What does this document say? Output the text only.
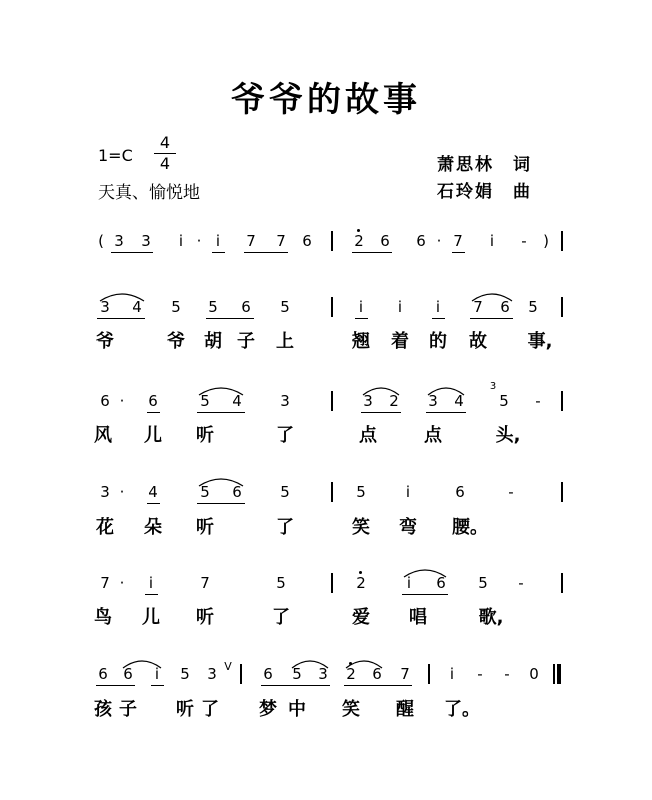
爷爷的故事
1=C
4
4
天真、愉悦地
萧思林　词
石玲娟　曲
( 3 3 i · i 7 7 6	2 6 6 · 7 i - )
3 4 5 5 6 5	i i i 7 6 5
爷	爷 胡 子 上	翘 着 的 故 事,
6 · 6	5 4	3	3 2 3 4
3
5 -
风 儿 听	了	点	点	头,
3 · 4	5 6	5	5	i	6	-
花 朵 听	了	笑 弯 腰。
7 · i	7	5	2	i 6 5 -
鸟 儿 听	了	爱 唱	歌,
6 6 i 5 3 V 6 5 3 2 6 7	i - - 0
孩 子 听 了 梦 中 笑 醒 了。
